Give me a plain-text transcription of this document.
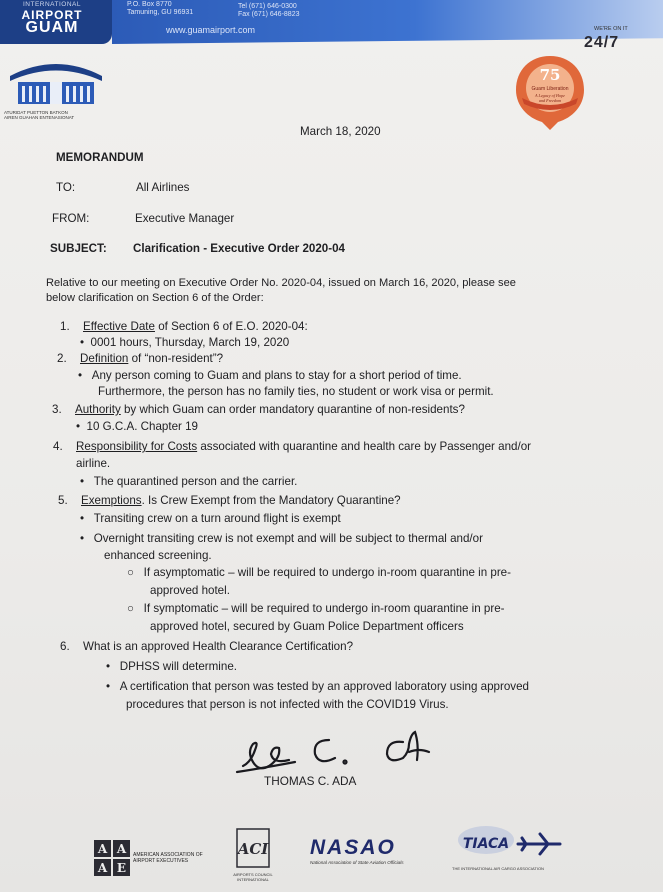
INTERNATIONAL
AIRPORT
GUAM
ATURIDAT PUETTON BATKON
AIREN GUAHAN ENTENASIONAT
P.O. Box 8770
Tamuning, GU 96931
Tel (671) 646-0300
Fax (671) 646-8823
www.guamairport.com	WE'RE ON IT
24/7
75
Guam Liberation
A Legacy of Hope
and Freedom
March 18, 2020
MEMORANDUM
TO:	All Airlines
FROM:	Executive Manager
SUBJECT: Clarification - Executive Order 2020-04
Relative to our meeting on Executive Order No. 2020-04, issued on March 16, 2020, please see
below clarification on Section 6 of the Order:
1. Effective Date of Section 6 of E.O. 2020-04:
•  0001 hours, Thursday, March 19, 2020
2. Definition of “non-resident”?
•   Any person coming to Guam and plans to stay for a short period of time.
Furthermore, the person has no family ties, no student or work visa or permit.
3. Authority by which Guam can order mandatory quarantine of non-residents?
•  10 G.C.A. Chapter 19
4. Responsibility for Costs associated with quarantine and health care by Passenger and/or
airline.
•   The quarantined person and the carrier.
5. Exemptions. Is Crew Exempt from the Mandatory Quarantine?
•   Transiting crew on a turn around flight is exempt
•   Overnight transiting crew is not exempt and will be subject to thermal and/or
enhanced screening.
○   If asymptomatic – will be required to undergo in-room quarantine in pre-
approved hotel.
○   If symptomatic – will be required to undergo in-room quarantine in pre-
approved hotel, secured by Guam Police Department officers
6. What is an approved Health Clearance Certification?
•   DPHSS will determine.
•   A certification that person was tested by an approved laboratory using approved
procedures that person is not infected with the COVID19 Virus.
THOMAS C. ADA
A A
A E
AMERICAN ASSOCIATION OF AIRPORT EXECUTIVES
ACI
AIRPORTS COUNCIL INTERNATIONAL
NASAO
National Association of State Aviation Officials
TIACA
THE INTERNATIONAL AIR CARGO ASSOCIATION
